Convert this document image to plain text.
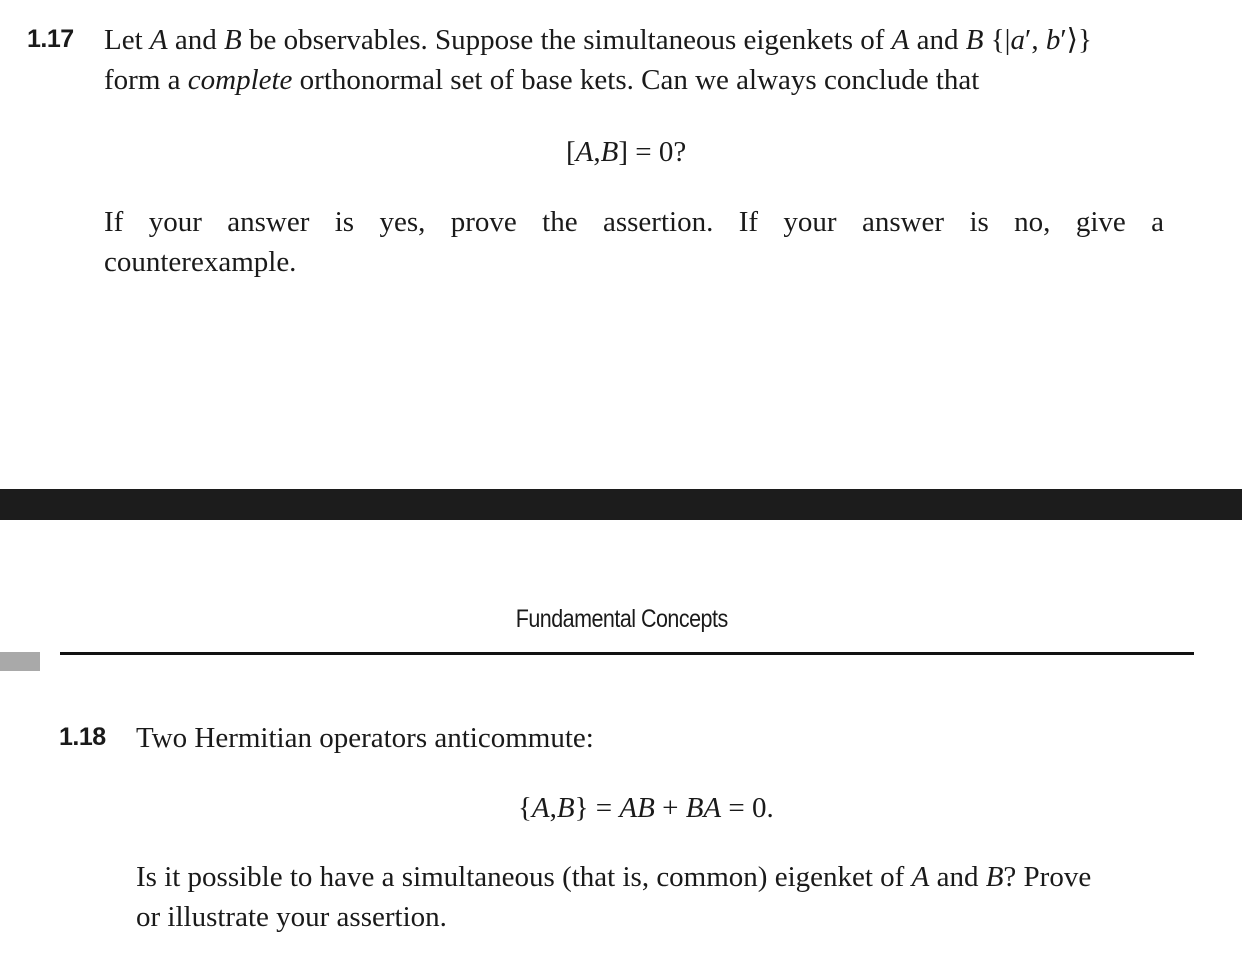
1.17 Let A and B be observables. Suppose the simultaneous eigenkets of A and B {|a′, b′⟩}

form a complete orthonormal set of base kets. Can we always conclude that

[A,B] = 0?

If your answer is yes, prove the assertion. If your answer is no, give a

counterexample.

Fundamental Concepts
1.18 Two Hermitian operators anticommute:

{A,B} = AB + BA = 0.

Is it possible to have a simultaneous (that is, common) eigenket of A and B? Prove

or illustrate your assertion.
